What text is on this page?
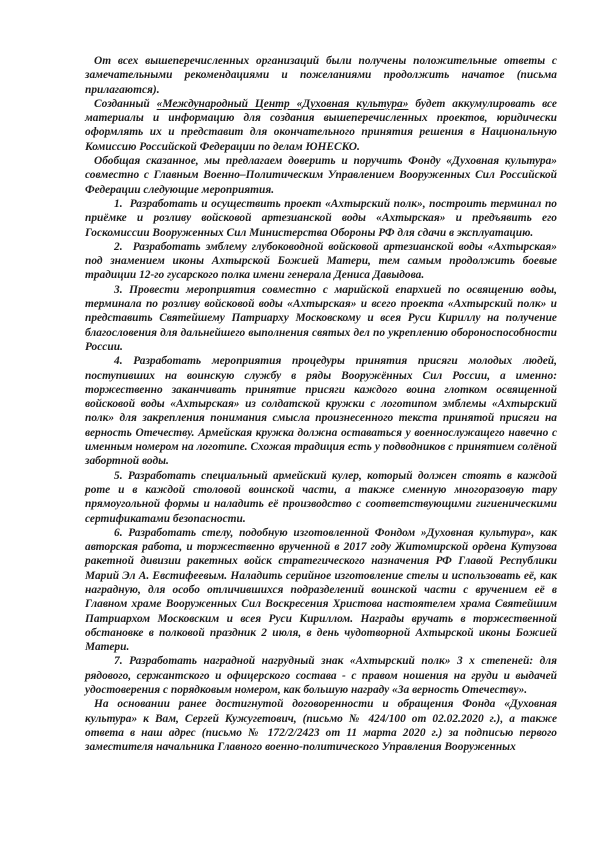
От всех вышеперечисленных организаций были получены положительные ответы с замечательными рекомендациями и пожеланиями продолжить начатое (письма прилагаются).

Созданный «Международный Центр «Духовная культура» будет аккумулировать все материалы и информацию для создания вышеперечисленных проектов, юридически оформлять их и представит для окончательного принятия решения в Национальную Комиссию Российской Федерации по делам ЮНЕСКО.

Обобщая сказанное, мы предлагаем доверить и поручить Фонду «Духовная культура» совместно с Главным Военно–Политическим Управлением Вооруженных Сил Российской Федерации следующие мероприятия.

1.  Разработать и осуществить проект «Ахтырский полк», построить терминал по приёмке и розливу войсковой артезианской воды «Ахтырская» и предъявить его Госкомиссии Вооруженных Сил Министерства Обороны РФ для сдачи в эксплуатацию.

2.  Разработать эмблему глубоководной войсковой артезианской воды «Ахтырская» под знамением иконы Ахтырской Божией Матери, тем самым продолжить боевые традиции 12-го гусарского полка имени генерала Дениса Давыдова.

3. Провести мероприятия совместно с марийской епархией по освящению воды, терминала по розливу войсковой воды «Ахтырская» и всего проекта «Ахтырский полк» и представить Святейшему Патриарху Московскому и всея Руси Кириллу на получение благословения для дальнейшего выполнения святых дел по укреплению обороноспособности России.

4. Разработать мероприятия процедуры принятия присяги молодых людей, поступивших на воинскую службу в ряды Вооружённых Сил России, а именно: торжественно заканчивать принятие присяги каждого воина глотком освященной войсковой воды «Ахтырская» из солдатской кружки с логотипом эмблемы «Ахтырский полк» для закрепления понимания смысла произнесенного текста принятой присяги на верность Отечеству. Армейская кружка должна оставаться у военнослужащего навечно с именным номером на логотипе. Схожая традиция есть у подводников с принятием солёной забортной воды.

5. Разработать специальный армейский кулер, который должен стоять в каждой роте и в каждой столовой воинской части, а также сменную многоразовую тару прямоугольной формы и наладить её производство с соответствующими гигиеническими сертификатами безопасности.

6. Разработать стелу, подобную изготовленной Фондом »Духовная культура», как авторская работа, и торжественно врученной в 2017 году Житомирской ордена Кутузова ракетной дивизии ракетных войск стратегического назначения РФ Главой Республики Марий Эл А. Евстифеевым. Наладить серийное изготовление стелы и использовать её, как наградную, для особо отличившихся подразделений воинской части с вручением её в Главном храме Вооруженных Сил Воскресения Христова настоятелем храма Святейшим Патриархом Московским и всея Руси Кириллом. Награды вручать в торжественной обстановке в полковой праздник 2 июля, в день чудотворной Ахтырской иконы Божией Матери.

7. Разработать наградной нагрудный знак «Ахтырский полк» 3 х степеней: для рядового, сержантского и офицерского состава - с правом ношения на груди и выдачей удостоверения с порядковым номером, как большую награду «За верность Отечеству».

На основании ранее достигнутой договоренности и обращения Фонда «Духовная культура» к Вам, Сергей Кужугетович, (письмо № 424/100 от 02.02.2020 г.), а также ответа в наш адрес (письмо № 172/2/2423 от 11 марта 2020 г.) за подписью первого заместителя начальника Главного военно-политического Управления Вооруженных
